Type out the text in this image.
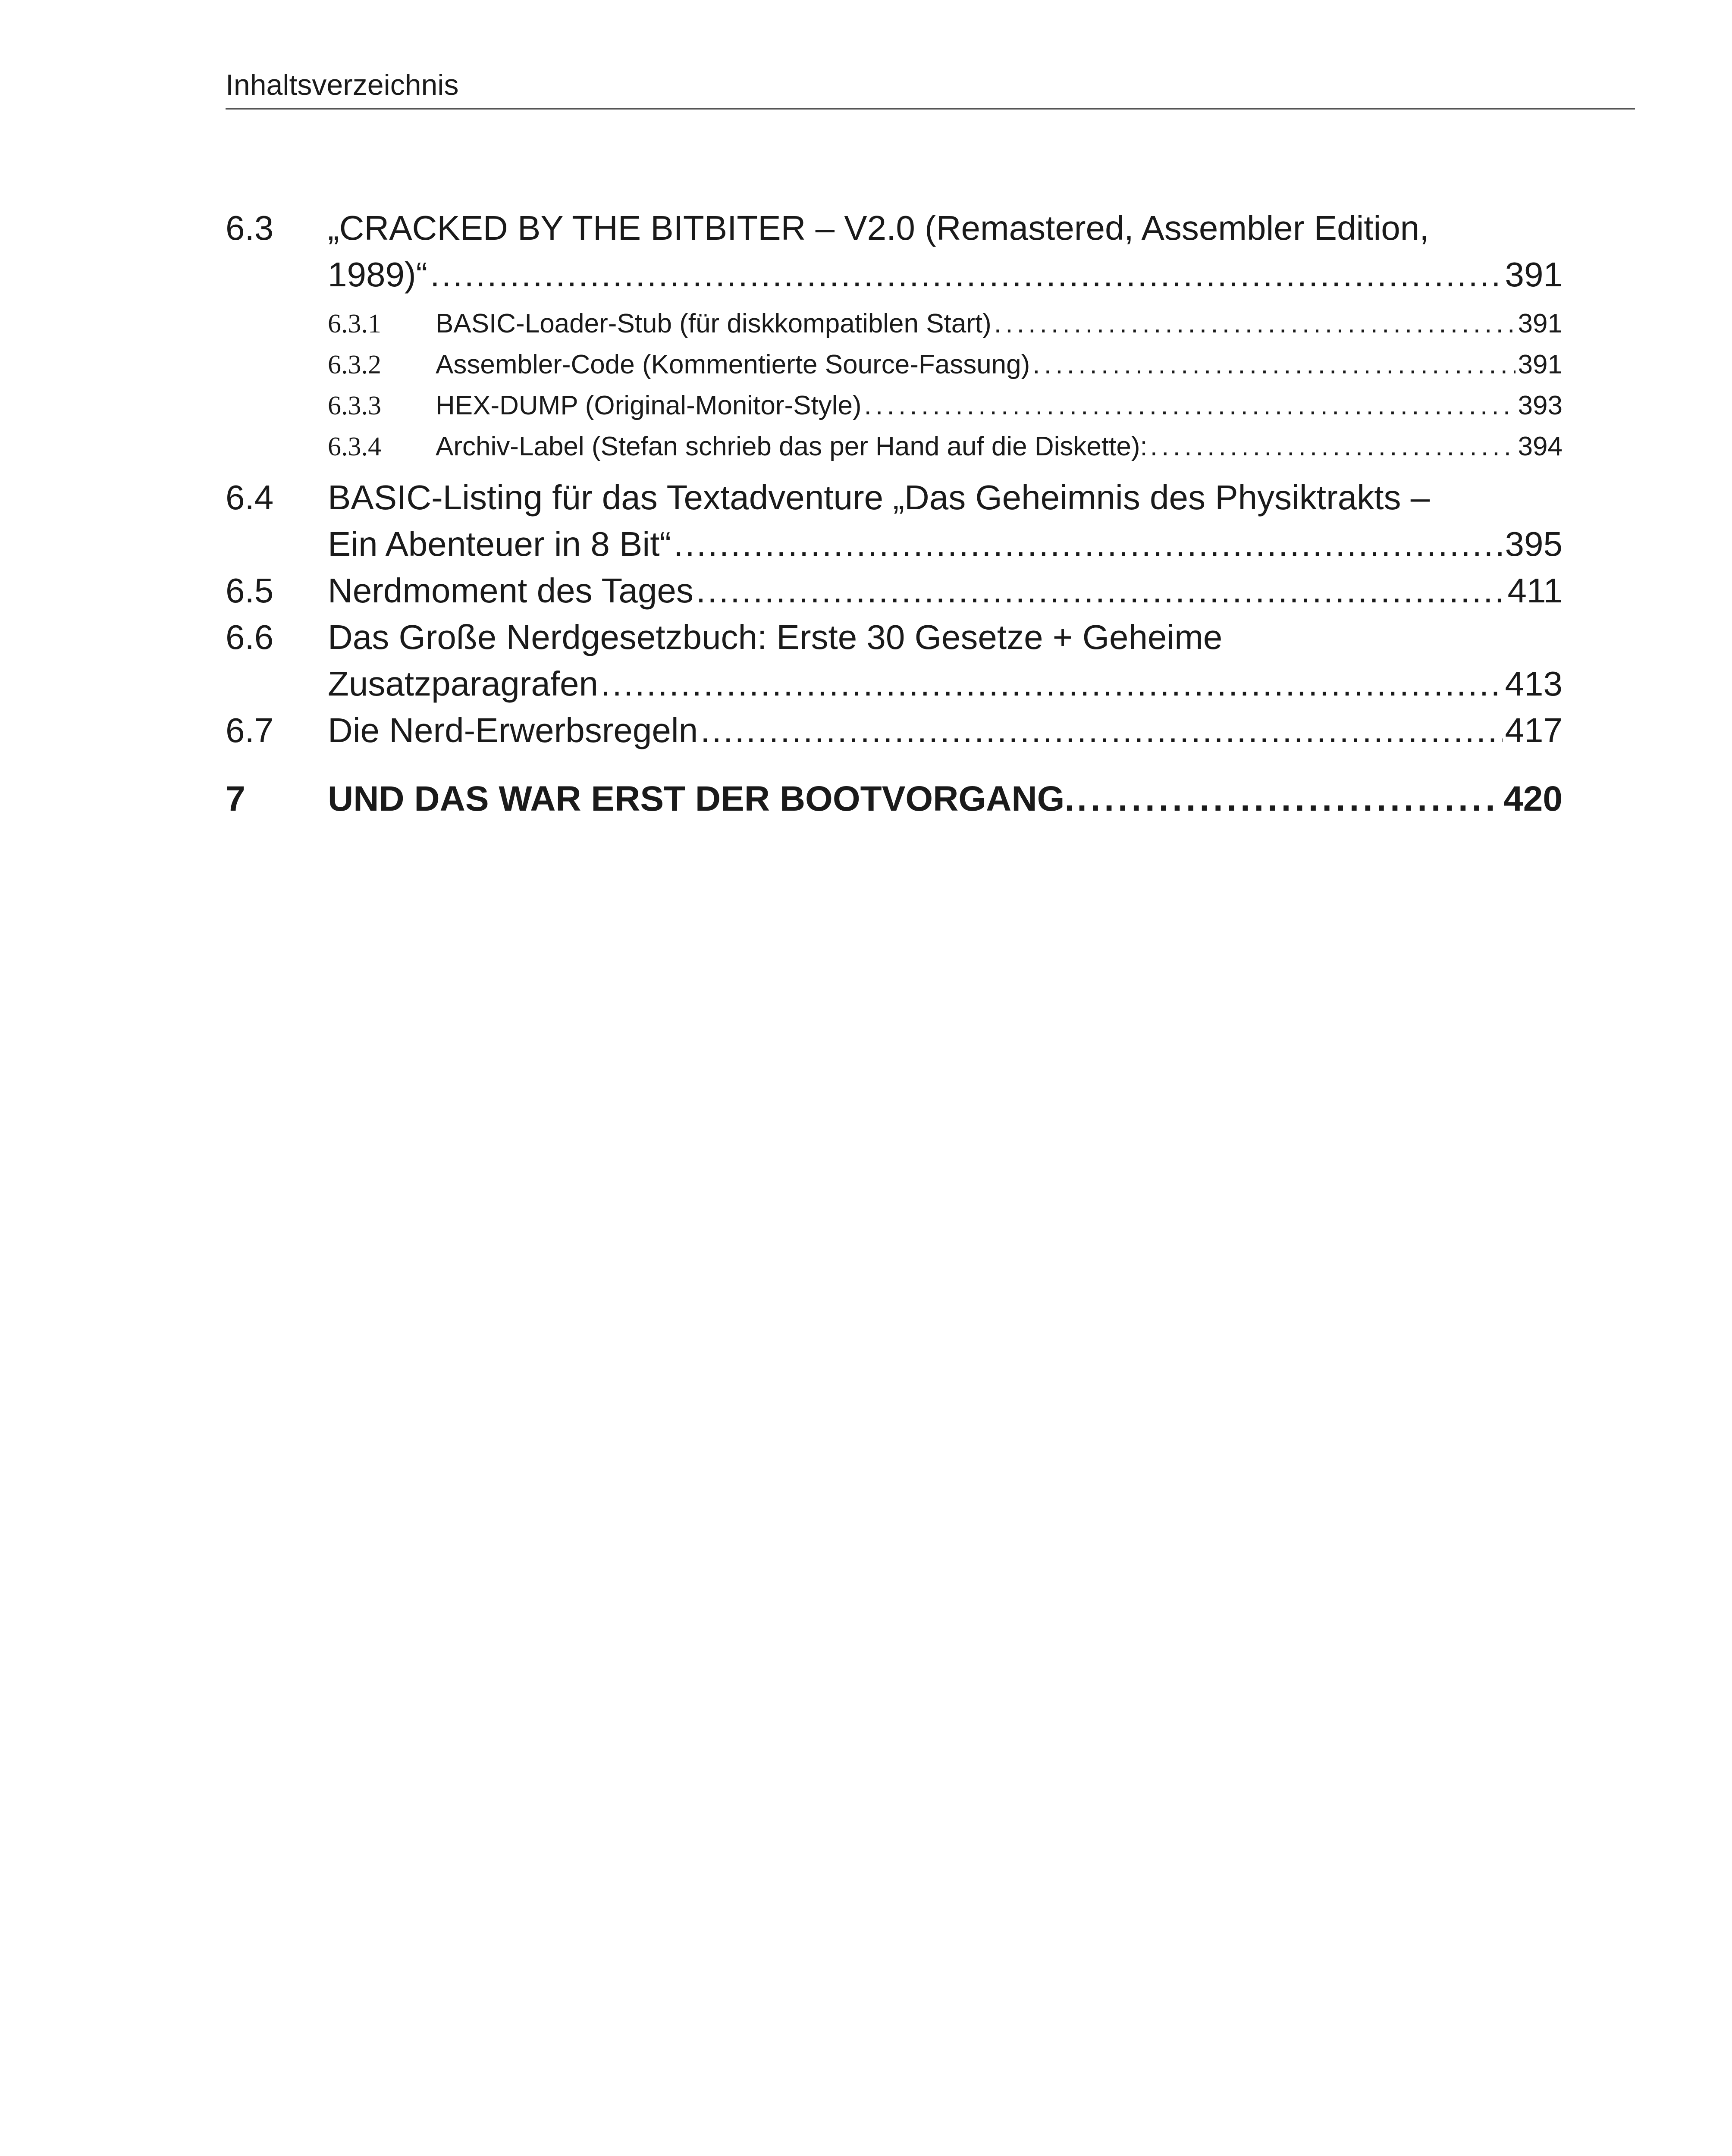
Inhaltsverzeichnis
6.3 „CRACKED BY THE BITBITER – V2.0 (Remastered, Assembler Edition,
1989)“ . . .	391
6.3.1 BASIC-Loader-Stub (für diskkompatiblen Start) . . .	391
6.3.2 Assembler-Code (Kommentierte Source-Fassung) . . .	391
6.3.3 HEX-DUMP (Original-Monitor-Style) . . .	393
6.3.4 Archiv-Label (Stefan schrieb das per Hand auf die Diskette): . . .	394
6.4 BASIC-Listing für das Textadventure „Das Geheimnis des Physiktrakts –
Ein Abenteuer in 8 Bit“ . . .	395
6.5 Nerdmoment des Tages . . .	411
6.6 Das Große Nerdgesetzbuch: Erste 30 Gesetze + Geheime
Zusatzparagrafen . . .	413
6.7 Die Nerd-Erwerbsregeln . . .	417
7 UND DAS WAR ERST DER BOOTVORGANG. . . .	420
